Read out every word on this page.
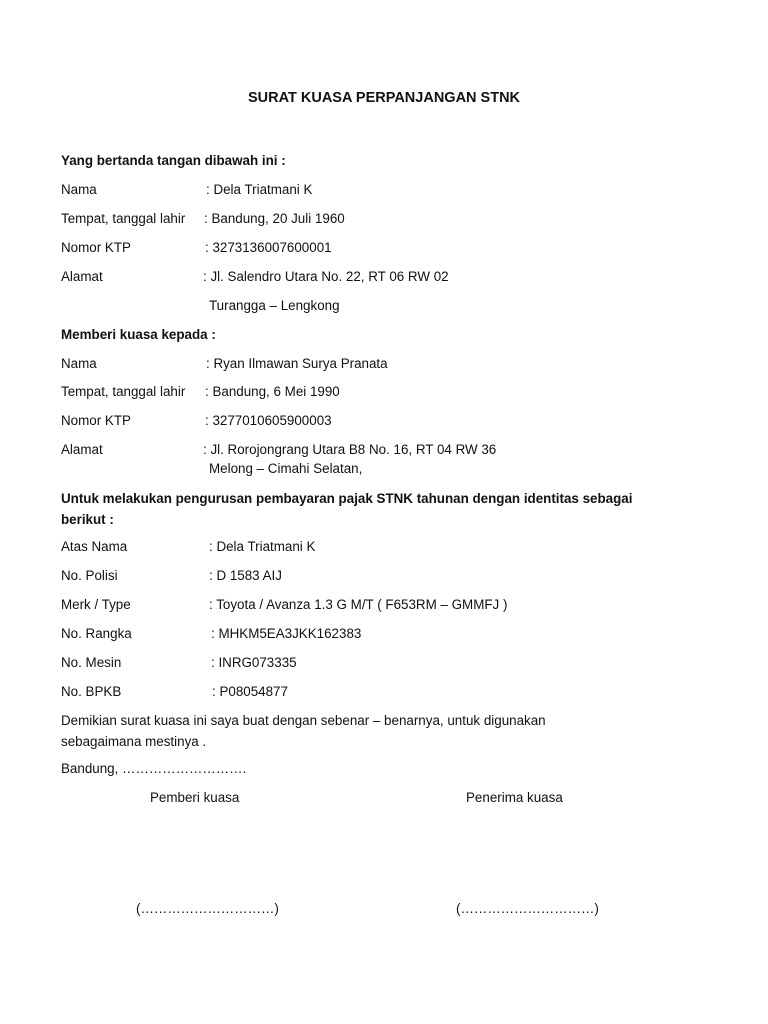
SURAT KUASA PERPANJANGAN STNK
Yang bertanda tangan dibawah ini :
Nama	: Dela Triatmani K
Tempat, tanggal lahir : Bandung, 20 Juli 1960
Nomor KTP	: 3273136007600001
Alamat	: Jl. Salendro Utara No. 22, RT 06 RW 02
Turangga – Lengkong
Memberi kuasa kepada :
Nama	: Ryan Ilmawan Surya Pranata
Tempat, tanggal lahir : Bandung, 6 Mei 1990
Nomor KTP	: 3277010605900003
Alamat	: Jl. Rorojongrang Utara B8 No. 16, RT 04 RW 36
Melong – Cimahi Selatan,
Untuk melakukan pengurusan pembayaran pajak STNK tahunan dengan identitas sebagai berikut :
Atas Nama	: Dela Triatmani K
No. Polisi	: D 1583 AIJ
Merk / Type	: Toyota / Avanza 1.3 G M/T ( F653RM – GMMFJ )
No. Rangka	: MHKM5EA3JKK162383
No. Mesin	: INRG073335
No. BPKB	: P08054877
Demikian surat kuasa ini saya buat dengan sebenar – benarnya, untuk digunakan sebagaimana mestinya .
Bandung, ……………………….
Pemberi kuasa	Penerima kuasa
(…………………………)	(…………………………)
